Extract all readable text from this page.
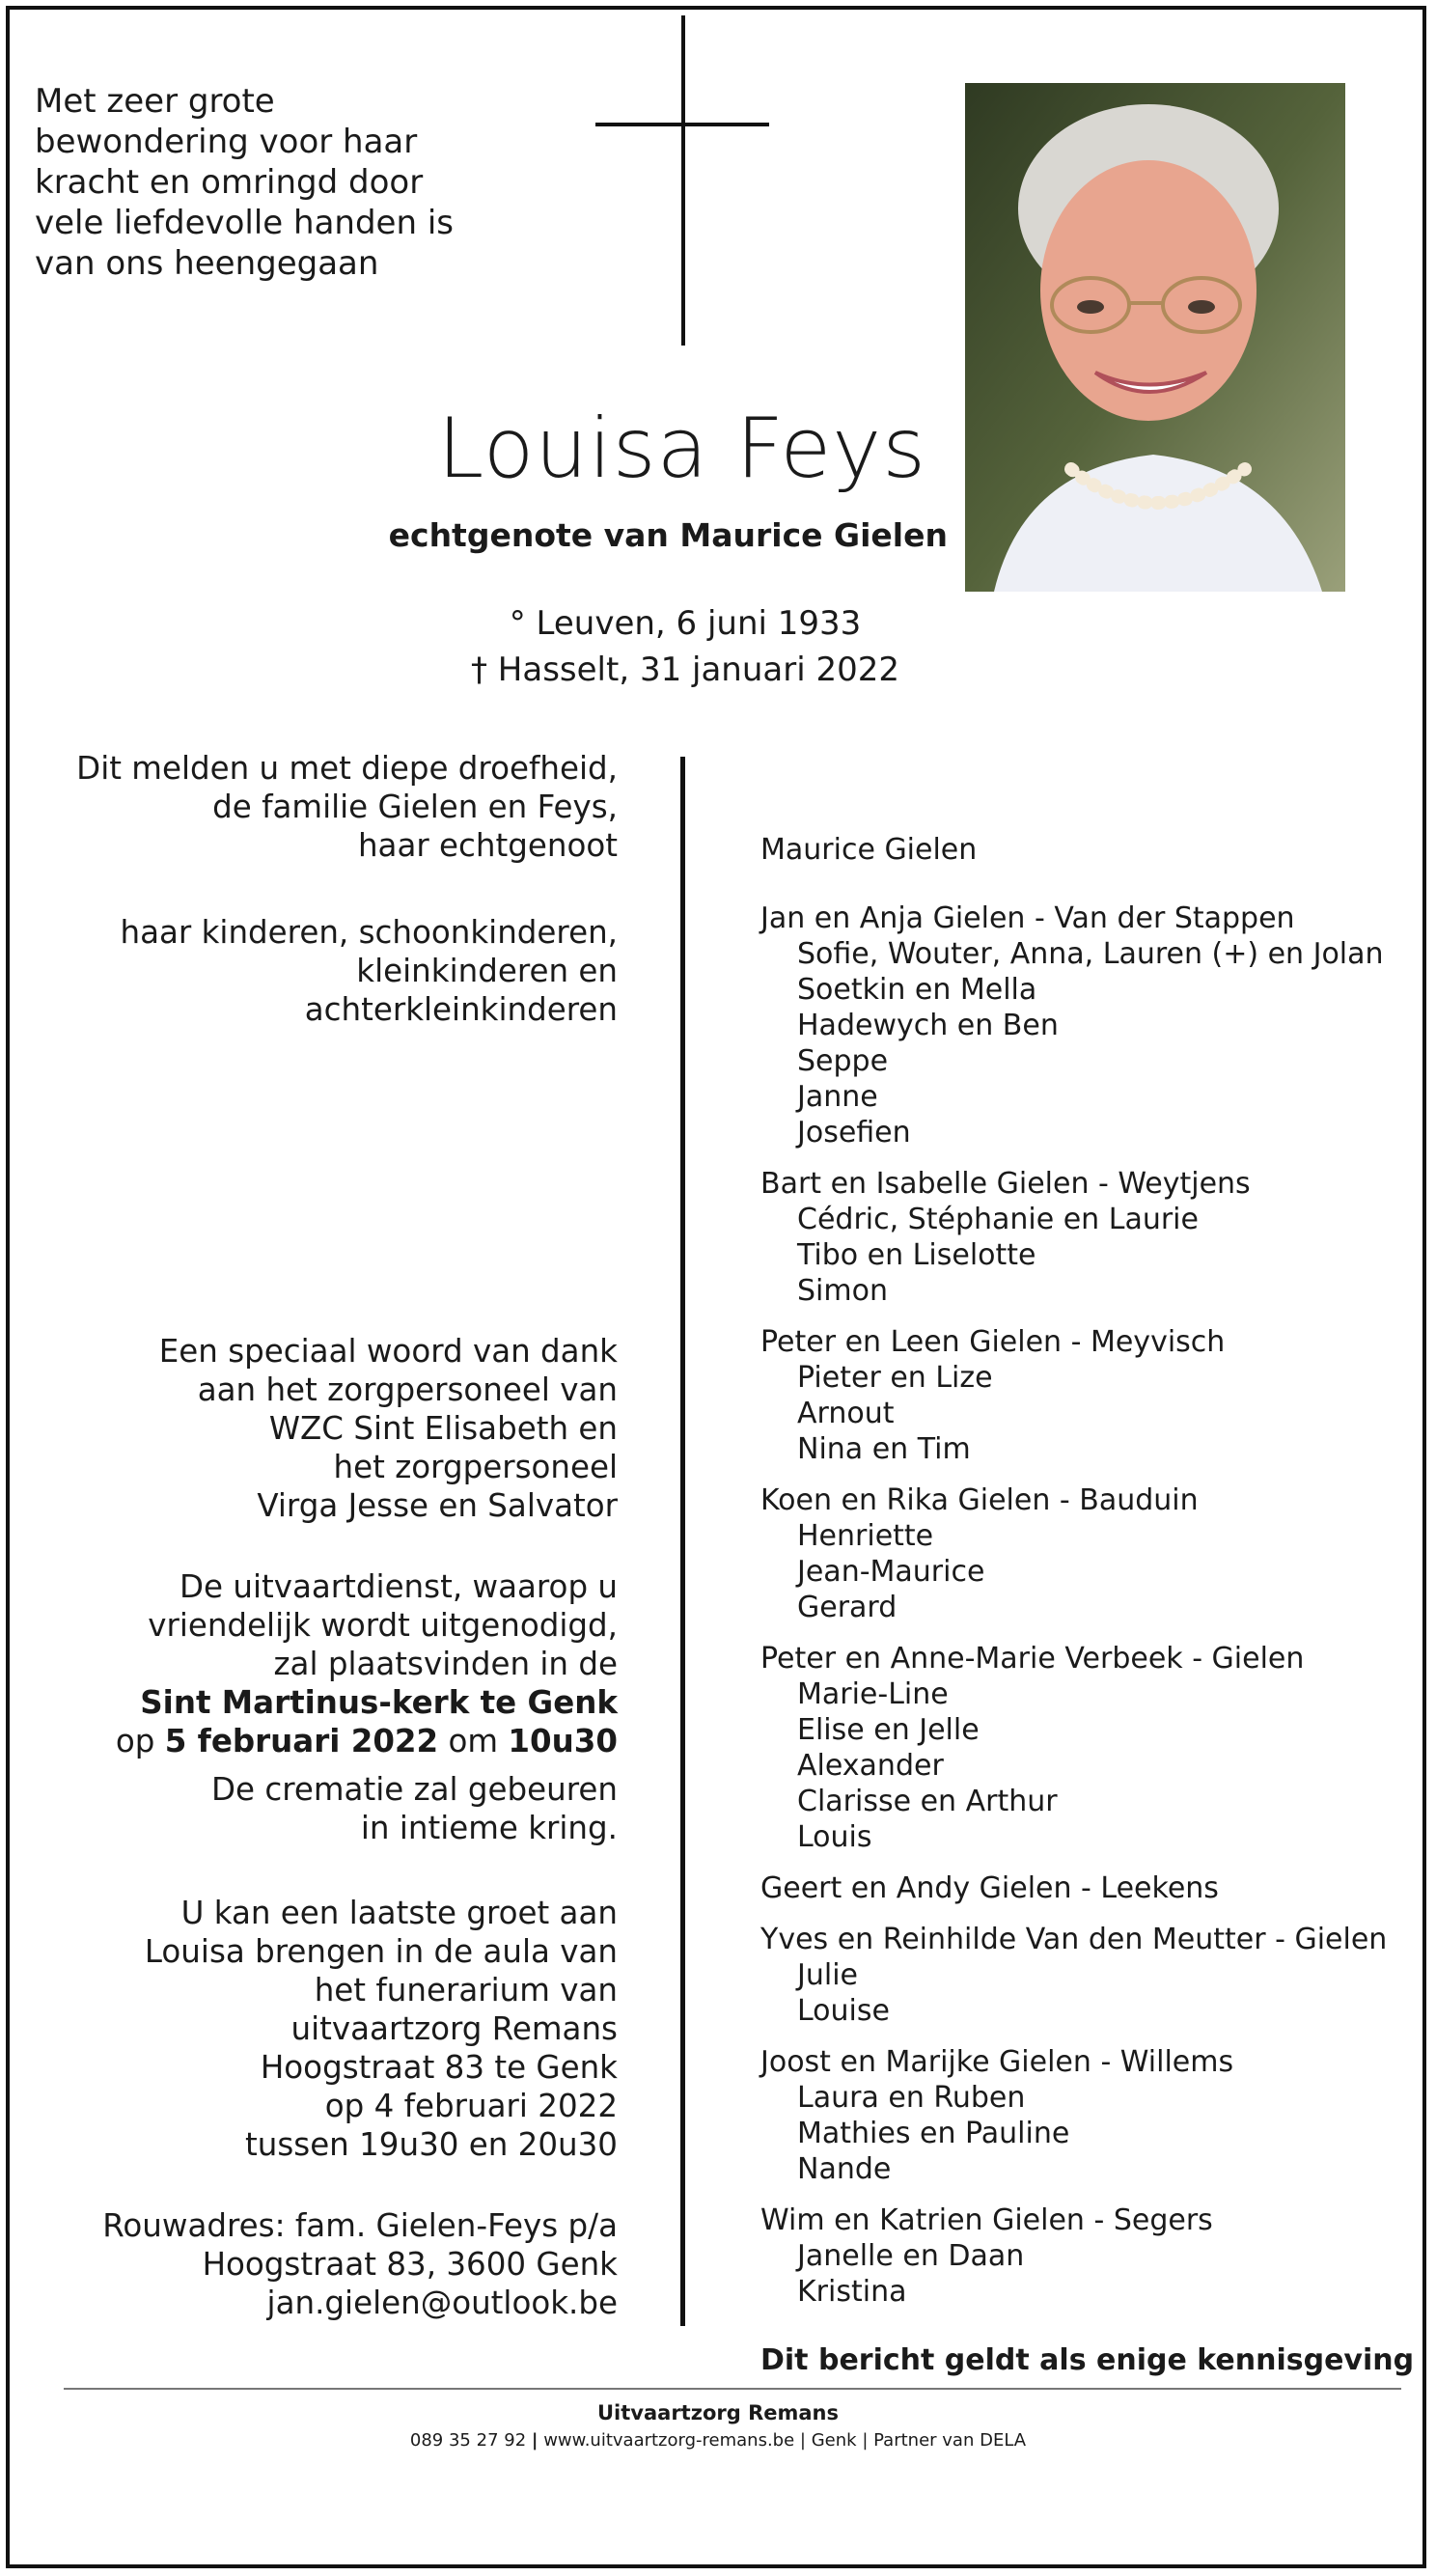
Met zeer grote
bewondering voor haar
kracht en omringd door
vele liefdevolle handen is
van ons heengegaan
Louisa Feys
echtgenote van Maurice Gielen
° Leuven, 6 juni 1933
† Hasselt, 31 januari 2022
Dit melden u met diepe droefheid,
de familie Gielen en Feys,
haar echtgenoot
haar kinderen, schoonkinderen,
kleinkinderen en
achterkleinkinderen
Een speciaal woord van dank
aan het zorgpersoneel van
WZC Sint Elisabeth en
het zorgpersoneel
Virga Jesse en Salvator
De uitvaartdienst, waarop u
vriendelijk wordt uitgenodigd,
zal plaatsvinden in de
Sint Martinus-kerk te Genk
op 5 februari 2022 om 10u30
De crematie zal gebeuren
in intieme kring.
U kan een laatste groet aan
Louisa brengen in de aula van
het funerarium van
uitvaartzorg Remans
Hoogstraat 83 te Genk
op 4 februari 2022
tussen 19u30 en 20u30
Rouwadres: fam. Gielen-Feys p/a
Hoogstraat 83, 3600 Genk
jan.gielen@outlook.be
Maurice Gielen
Jan en Anja Gielen - Van der Stappen
Sofie, Wouter, Anna, Lauren (+) en Jolan
Soetkin en Mella
Hadewych en Ben
Seppe
Janne
Josefien
Bart en Isabelle Gielen - Weytjens
Cédric, Stéphanie en Laurie
Tibo en Liselotte
Simon
Peter en Leen Gielen - Meyvisch
Pieter en Lize
Arnout
Nina en Tim
Koen en Rika Gielen - Bauduin
Henriette
Jean-Maurice
Gerard
Peter en Anne-Marie Verbeek - Gielen
Marie-Line
Elise en Jelle
Alexander
Clarisse en Arthur
Louis
Geert en Andy Gielen - Leekens
Yves en Reinhilde Van den Meutter - Gielen
Julie
Louise
Joost en Marijke Gielen - Willems
Laura en Ruben
Mathies en Pauline
Nande
Wim en Katrien Gielen - Segers
Janelle en Daan
Kristina
Dit bericht geldt als enige kennisgeving
Uitvaartzorg Remans
089 35 27 92 | www.uitvaartzorg-remans.be | Genk | Partner van DELA
